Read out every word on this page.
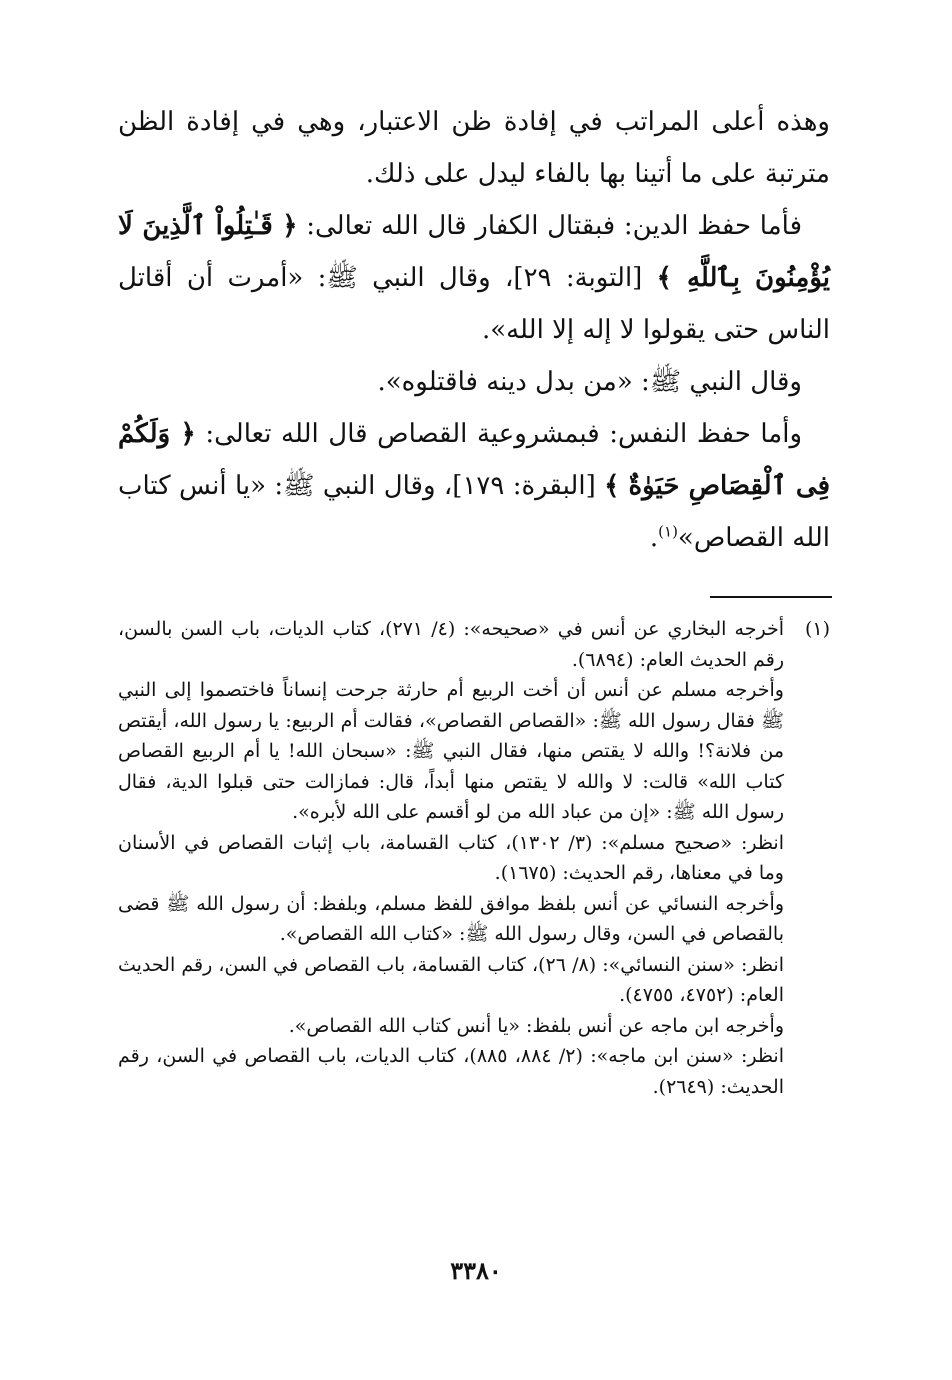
وهذه أعلى المراتب في إفادة ظن الاعتبار، وهي في إفادة الظن مترتبة على ما أتينا بها بالفاء ليدل على ذلك.

فأما حفظ الدين: فبقتال الكفار قال الله تعالى: ﴿ قَـٰتِلُواْ ٱلَّذِينَ لَا يُؤْمِنُونَ بِٱللَّهِ ﴾ [التوبة: ٢٩]، وقال النبي ﷺ: «أمرت أن أقاتل الناس حتى يقولوا لا إله إلا الله».

وقال النبي ﷺ: «من بدل دينه فاقتلوه».

وأما حفظ النفس: فبمشروعية القصاص قال الله تعالى: ﴿ وَلَكُمْ فِى ٱلْقِصَاصِ حَيَوٰةٌ ﴾ [البقرة: ١٧٩]، وقال النبي ﷺ: «يا أنس كتاب الله القصاص»$^{(١)}$.

(١)

أخرجه البخاري عن أنس في «صحيحه»: (٤/ ٢٧١)، كتاب الديات، باب السن بالسن، رقم الحديث العام: (٦٨٩٤).

وأخرجه مسلم عن أنس أن أخت الربيع أم حارثة جرحت إنساناً فاختصموا إلى النبي ﷺ فقال رسول الله ﷺ: «القصاص القصاص»، فقالت أم الربيع: يا رسول الله، أيقتص من فلانة؟! والله لا يقتص منها، فقال النبي ﷺ: «سبحان الله! يا أم الربيع القصاص كتاب الله» قالت: لا والله لا يقتص منها أبداً، قال: فمازالت حتى قبلوا الدية، فقال رسول الله ﷺ: «إن من عباد الله من لو أقسم على الله لأبره».

انظر: «صحيح مسلم»: (٣/ ١٣٠٢)، كتاب القسامة، باب إثبات القصاص في الأسنان وما في معناها، رقم الحديث: (١٦٧٥).

وأخرجه النسائي عن أنس بلفظ موافق للفظ مسلم، وبلفظ: أن رسول الله ﷺ قضى بالقصاص في السن، وقال رسول الله ﷺ: «كتاب الله القصاص».

انظر: «سنن النسائي»: (٨/ ٢٦)، كتاب القسامة، باب القصاص في السن، رقم الحديث العام: (٤٧٥٢، ٤٧٥٥).

وأخرجه ابن ماجه عن أنس بلفظ: «يا أنس كتاب الله القصاص».

انظر: «سنن ابن ماجه»: (٢/ ٨٨٤، ٨٨٥)، كتاب الديات، باب القصاص في السن، رقم الحديث: (٢٦٤٩).

٣٣٨٠
